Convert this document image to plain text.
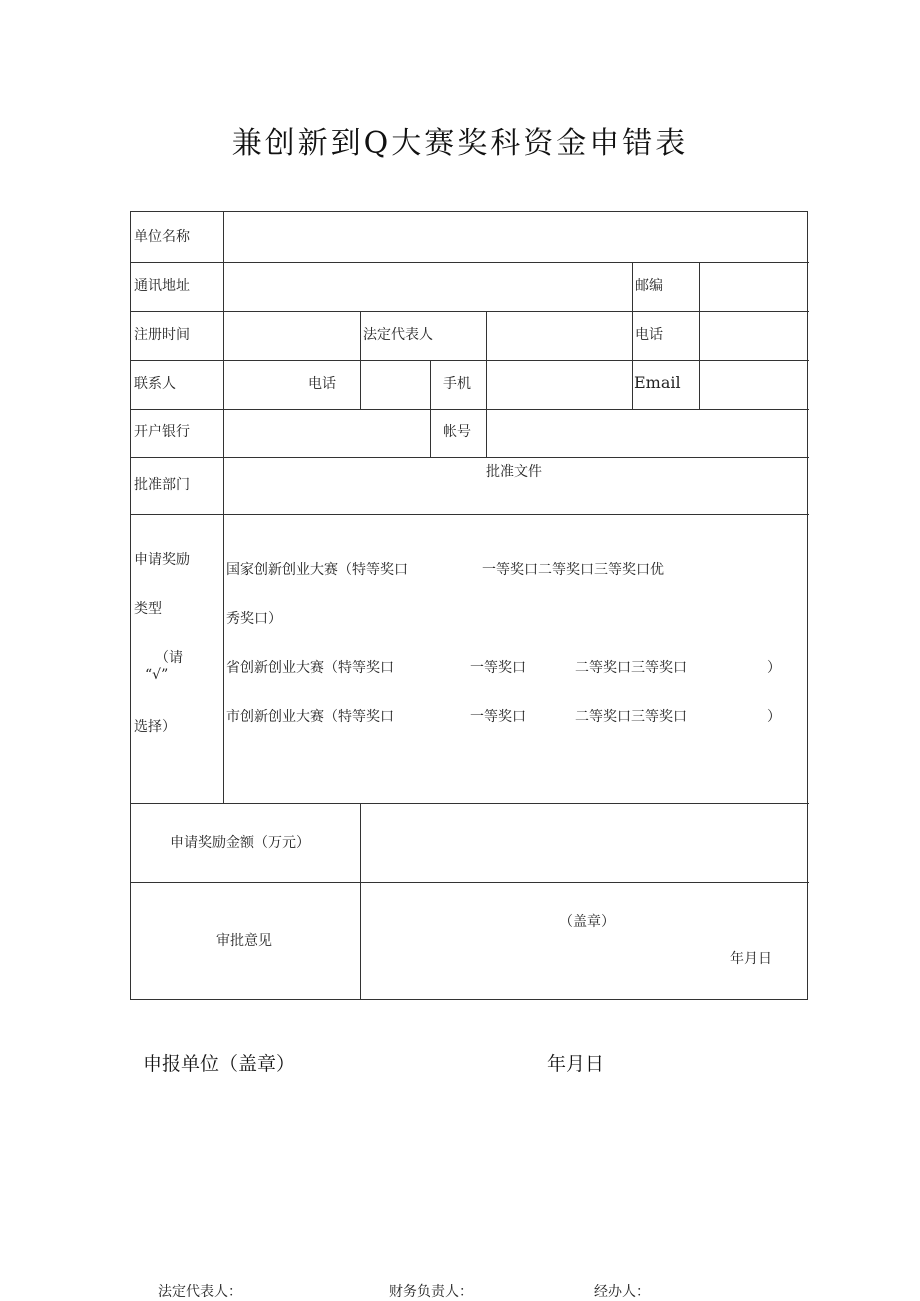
兼创新到Q大赛奖科资金申错表
单位名称
通讯地址	邮编
注册时间	法定代表人	电话
联系人	电话	手机	Email
开户银行	帐号
批准部门
批准文件
申请奖励
类型
（请
“√”
选择）
国家创新创业大赛（特等奖口	一等奖口二等奖口三等奖口优
秀奖口）
省创新创业大赛（特等奖口	一等奖口	二等奖口三等奖口	）
市创新创业大赛（特等奖口	一等奖口	二等奖口三等奖口	）
申请奖励金额（万元）
审批意见
（盖章）
年月日
申报单位（盖章）	年月日
法定代表人：	财务负责人：	经办人：
